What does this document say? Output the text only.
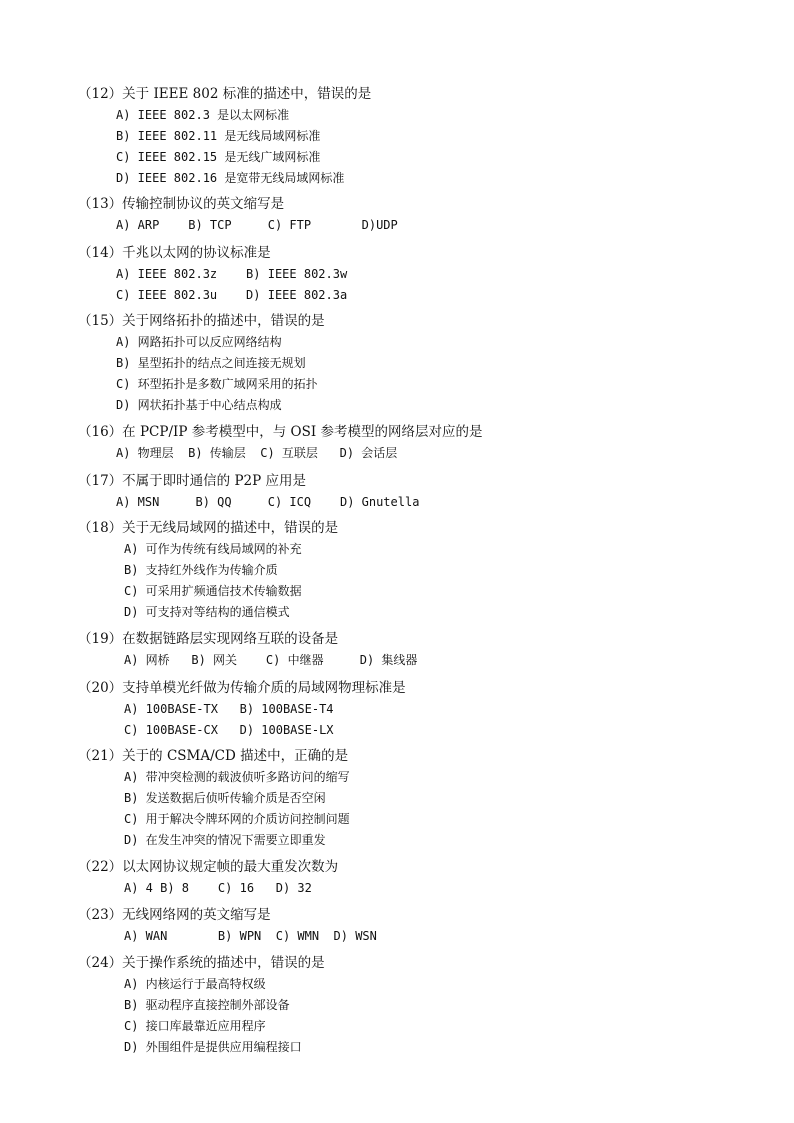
（12）关于 IEEE 802 标准的描述中，错误的是
A) IEEE 802.3 是以太网标准
B) IEEE 802.11 是无线局域网标准
C) IEEE 802.15 是无线广域网标准
D) IEEE 802.16 是宽带无线局域网标准
（13）传输控制协议的英文缩写是
A) ARP    B) TCP     C) FTP       D)UDP
（14）千兆以太网的协议标准是
A) IEEE 802.3z    B) IEEE 802.3w
C) IEEE 802.3u    D) IEEE 802.3a
（15）关于网络拓扑的描述中，错误的是
A) 网路拓扑可以反应网络结构
B) 星型拓扑的结点之间连接无规划
C) 环型拓扑是多数广域网采用的拓扑
D) 网状拓扑基于中心结点构成
（16）在 PCP/IP 参考模型中，与 OSI 参考模型的网络层对应的是
A) 物理层  B) 传输层  C) 互联层   D) 会话层
（17）不属于即时通信的 P2P 应用是
A) MSN     B) QQ     C) ICQ    D) Gnutella
（18）关于无线局域网的描述中，错误的是
A) 可作为传统有线局域网的补充
B) 支持红外线作为传输介质
C) 可采用扩频通信技术传输数据
D) 可支持对等结构的通信模式
（19）在数据链路层实现网络互联的设备是
A) 网桥   B) 网关    C) 中继器     D) 集线器
（20）支持单模光纤做为传输介质的局域网物理标准是
A) 100BASE-TX   B) 100BASE-T4
C) 100BASE-CX   D) 100BASE-LX
（21）关于的 CSMA/CD 描述中，正确的是
A) 带冲突检测的载波侦听多路访问的缩写
B) 发送数据后侦听传输介质是否空闲
C) 用于解决令牌环网的介质访问控制问题
D) 在发生冲突的情况下需要立即重发
（22）以太网协议规定帧的最大重发次数为
A) 4 B) 8    C) 16   D) 32
（23）无线网络网的英文缩写是
A) WAN       B) WPN  C) WMN  D) WSN
（24）关于操作系统的描述中，错误的是
A) 内核运行于最高特权级
B) 驱动程序直接控制外部设备
C) 接口库最靠近应用程序
D) 外围组件是提供应用编程接口
